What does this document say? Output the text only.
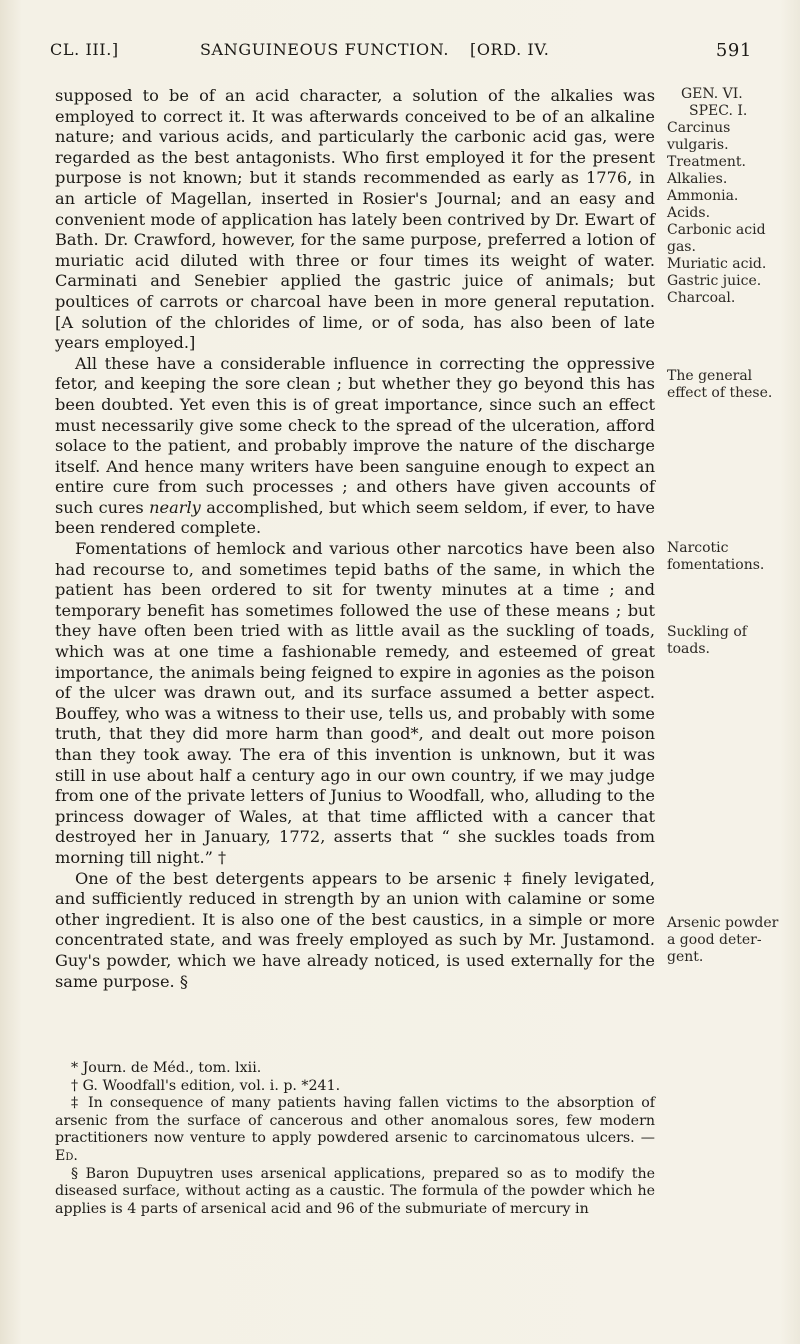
CL. III.]	SANGUINEOUS FUNCTION. [ORD. IV.	591

supposed to be of an acid character, a solution of the alkalies was employed to correct it. It was afterwards conceived to be of an alkaline nature; and various acids, and particularly the carbonic acid gas, were regarded as the best antagonists. Who first employed it for the present purpose is not known; but it stands recommended as early as 1776, in an article of Magellan, inserted in Rosier's Journal; and an easy and convenient mode of application has lately been contrived by Dr. Ewart of Bath. Dr. Crawford, however, for the same purpose, preferred a lotion of muriatic acid diluted with three or four times its weight of water. Carminati and Senebier applied the gastric juice of animals; but poultices of carrots or charcoal have been in more general reputation. [A solution of the chlorides of lime, or of soda, has also been of late years employed.]

All these have a considerable influence in correcting the oppressive fetor, and keeping the sore clean ; but whether they go beyond this has been doubted. Yet even this is of great importance, since such an effect must necessarily give some check to the spread of the ulceration, afford solace to the patient, and probably improve the nature of the discharge itself. And hence many writers have been sanguine enough to expect an entire cure from such processes ; and others have given accounts of such cures nearly accomplished, but which seem seldom, if ever, to have been rendered complete.

Fomentations of hemlock and various other narcotics have been also had recourse to, and sometimes tepid baths of the same, in which the patient has been ordered to sit for twenty minutes at a time ; and temporary benefit has sometimes followed the use of these means ; but they have often been tried with as little avail as the suckling of toads, which was at one time a fashionable remedy, and esteemed of great importance, the animals being feigned to expire in agonies as the poison of the ulcer was drawn out, and its surface assumed a better aspect. Bouffey, who was a witness to their use, tells us, and probably with some truth, that they did more harm than good*, and dealt out more poison than they took away. The era of this invention is unknown, but it was still in use about half a century ago in our own country, if we may judge from one of the private letters of Junius to Woodfall, who, alluding to the princess dowager of Wales, at that time afflicted with a cancer that destroyed her in January, 1772, asserts that “ she suckles toads from morning till night.” †

One of the best detergents appears to be arsenic ‡ finely levigated, and sufficiently reduced in strength by an union with calamine or some other ingredient. It is also one of the best caustics, in a simple or more concentrated state, and was freely employed as such by Mr. Justamond. Guy's powder, which we have already noticed, is used externally for the same purpose. §

GEN. VI.
SPEC. I.
Carcinus
vulgaris.
Treatment.
Alkalies.
Ammonia.
Acids.
Carbonic acid
gas.
Muriatic acid.
Gastric juice.
Charcoal.
The general
effect of these.
Narcotic
fomentations.
Suckling of
toads.
Arsenic powder
a good deter-
gent.

* Journ. de Méd., tom. lxii.

† G. Woodfall's edition, vol. i. p. *241.

‡ In consequence of many patients having fallen victims to the absorption of arsenic from the surface of cancerous and other anomalous sores, few modern practitioners now venture to apply powdered arsenic to carcinomatous ulcers. — Ed.

§ Baron Dupuytren uses arsenical applications, prepared so as to modify the diseased surface, without acting as a caustic. The formula of the powder which he applies is 4 parts of arsenical acid and 96 of the submuriate of mercury in
